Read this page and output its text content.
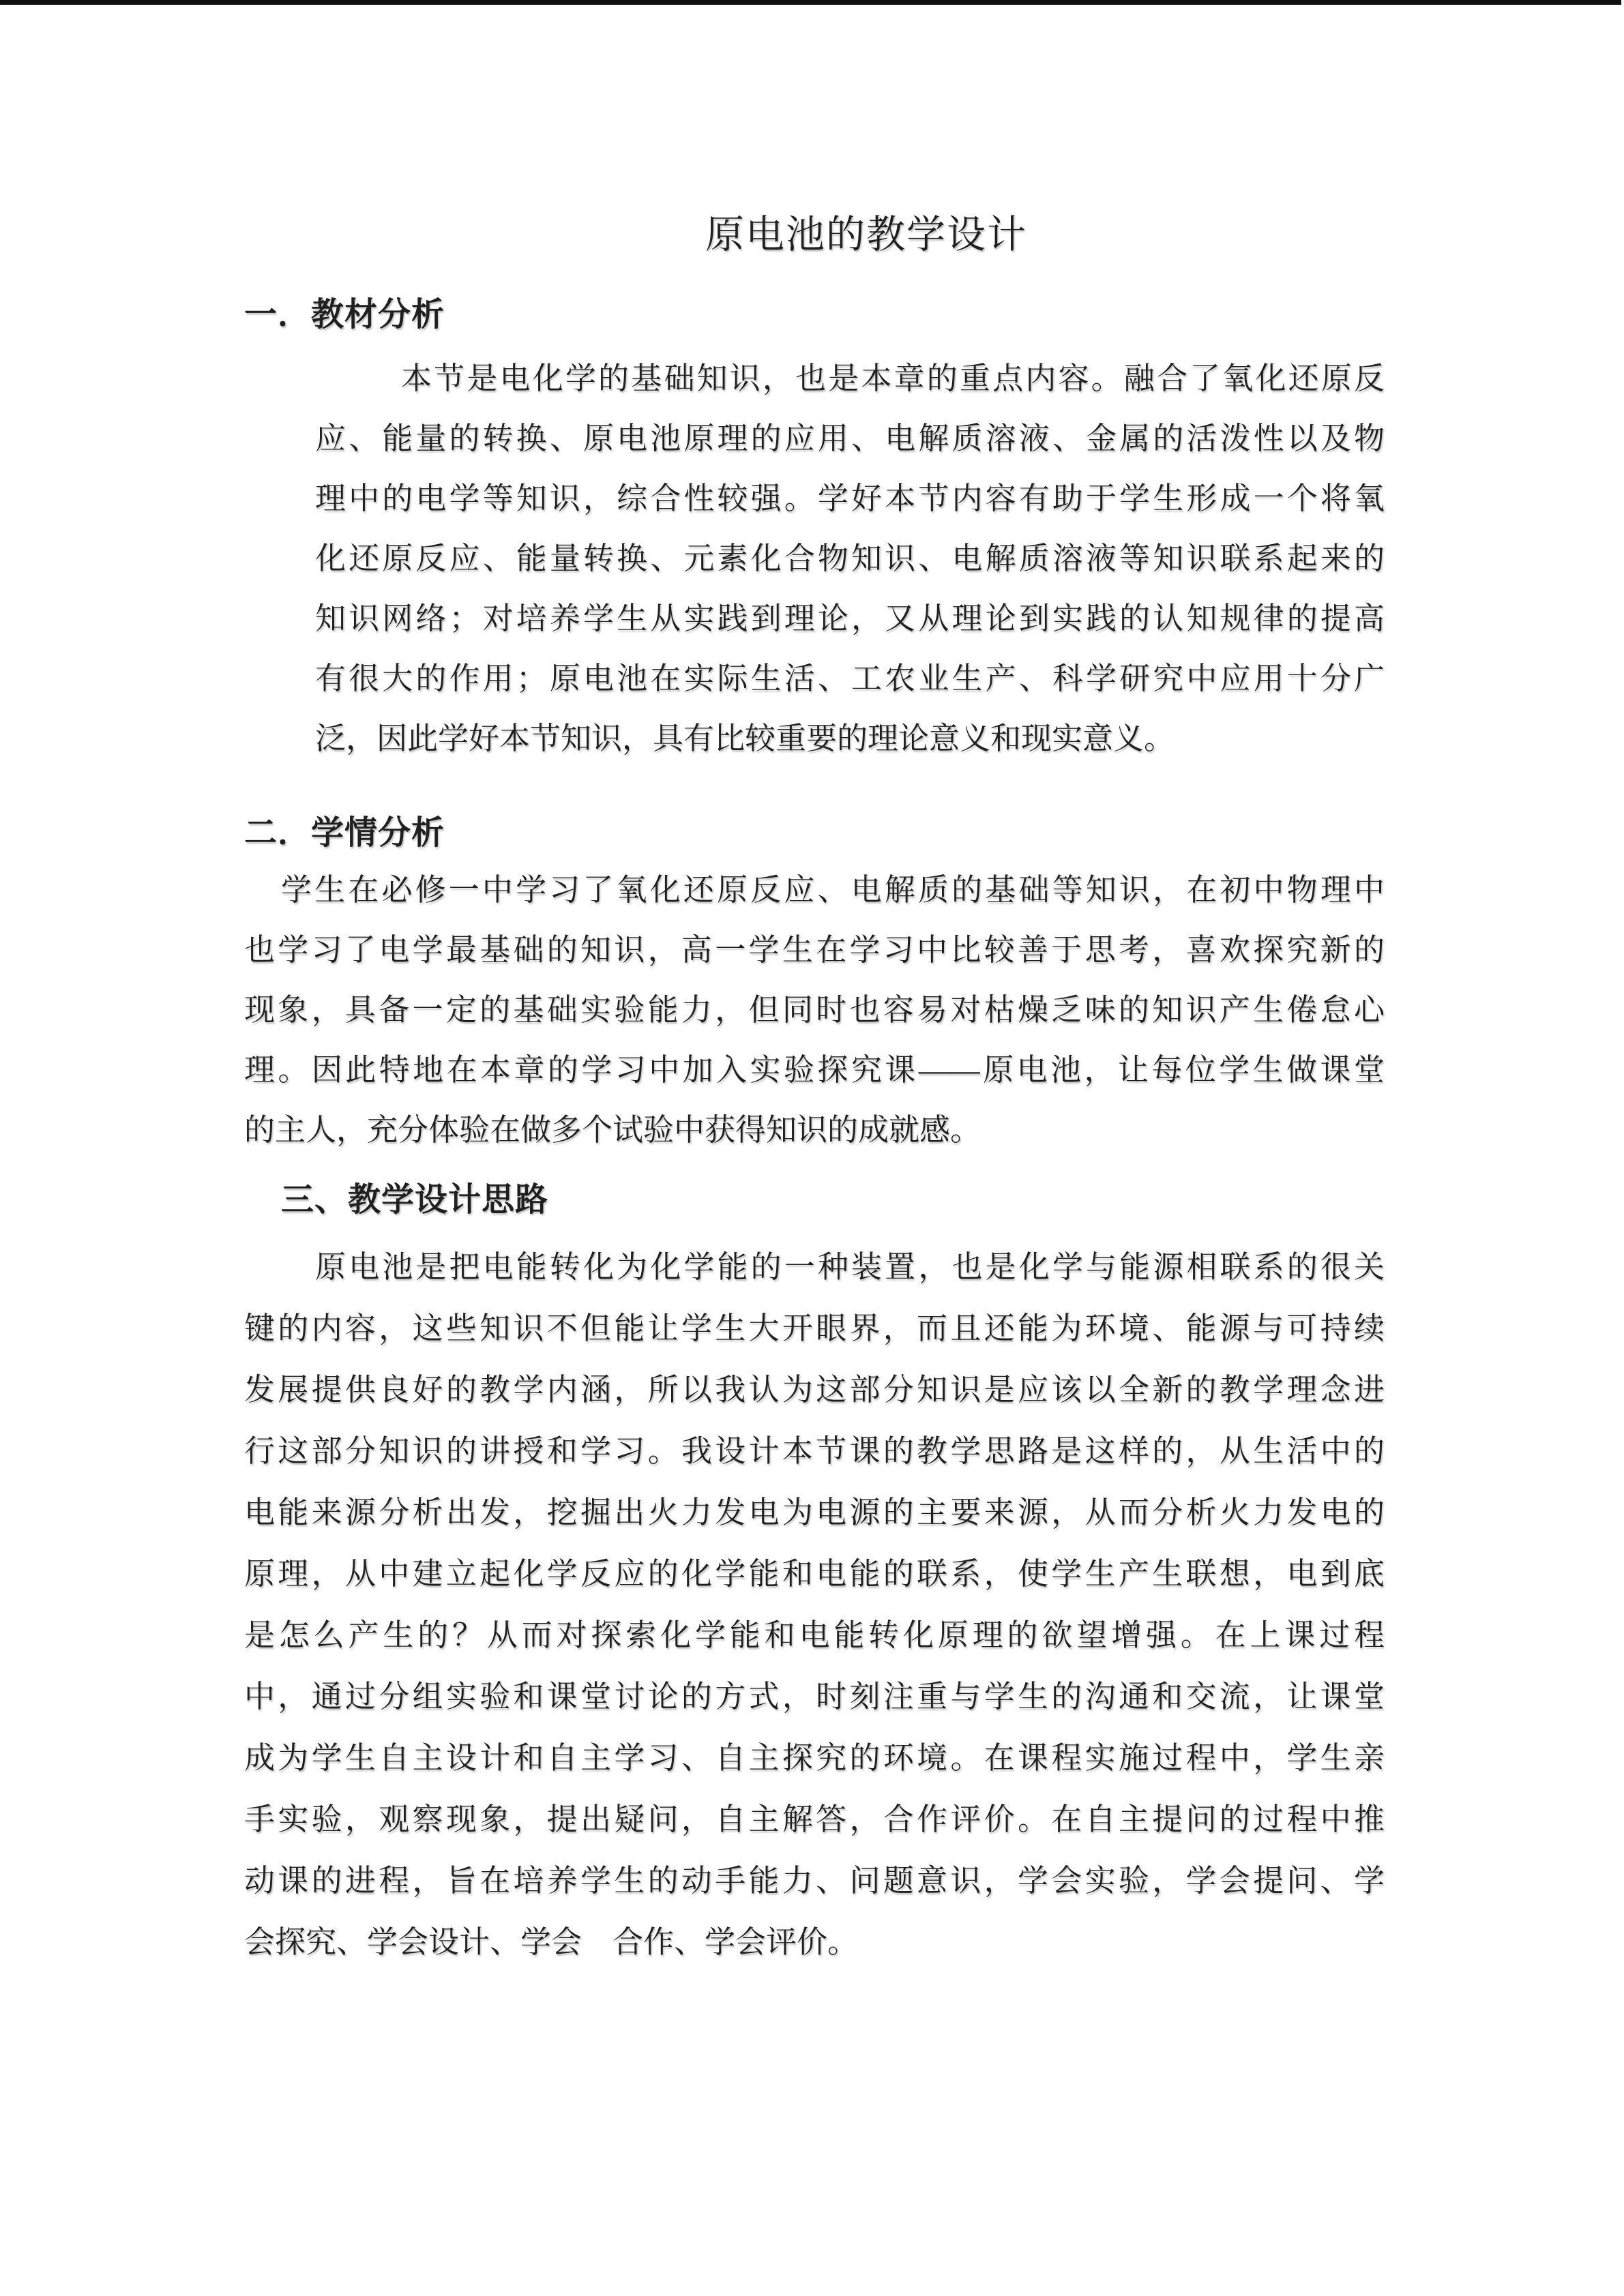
原电池的教学设计
一．教材分析
本节是电化学的基础知识，也是本章的重点内容。融合了氧化还原反
应、能量的转换、原电池原理的应用、电解质溶液、金属的活泼性以及物
理中的电学等知识，综合性较强。学好本节内容有助于学生形成一个将氧
化还原反应、能量转换、元素化合物知识、电解质溶液等知识联系起来的
知识网络；对培养学生从实践到理论，又从理论到实践的认知规律的提高
有很大的作用；原电池在实际生活、工农业生产、科学研究中应用十分广
泛，因此学好本节知识，具有比较重要的理论意义和现实意义。
二．学情分析
学生在必修一中学习了氧化还原反应、电解质的基础等知识，在初中物理中
也学习了电学最基础的知识，高一学生在学习中比较善于思考，喜欢探究新的
现象，具备一定的基础实验能力，但同时也容易对枯燥乏味的知识产生倦怠心
理。因此特地在本章的学习中加入实验探究课——原电池，让每位学生做课堂
的主人，充分体验在做多个试验中获得知识的成就感。
三、教学设计思路
原电池是把电能转化为化学能的一种装置，也是化学与能源相联系的很关
键的内容，这些知识不但能让学生大开眼界，而且还能为环境、能源与可持续
发展提供良好的教学内涵，所以我认为这部分知识是应该以全新的教学理念进
行这部分知识的讲授和学习。我设计本节课的教学思路是这样的，从生活中的
电能来源分析出发，挖掘出火力发电为电源的主要来源，从而分析火力发电的
原理，从中建立起化学反应的化学能和电能的联系，使学生产生联想，电到底
是怎么产生的？从而对探索化学能和电能转化原理的欲望增强。在上课过程
中，通过分组实验和课堂讨论的方式，时刻注重与学生的沟通和交流，让课堂
成为学生自主设计和自主学习、自主探究的环境。在课程实施过程中，学生亲
手实验，观察现象，提出疑问，自主解答，合作评价。在自主提问的过程中推
动课的进程，旨在培养学生的动手能力、问题意识，学会实验，学会提问、学
会探究、学会设计、学会　合作、学会评价。
